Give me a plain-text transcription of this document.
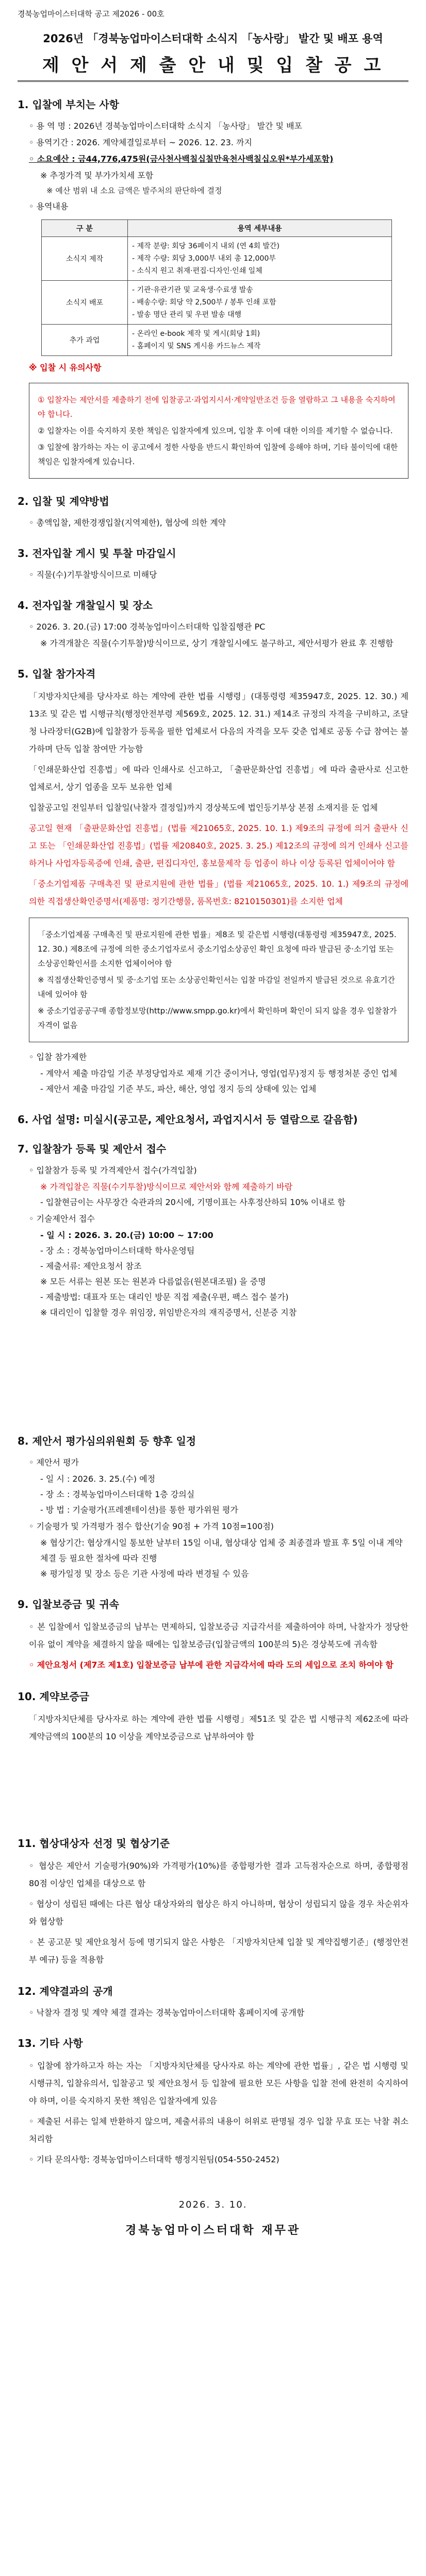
경북농업마이스터대학 공고 제2026 - 00호

2026년 「경북농업마이스터대학 소식지 「농사랑」 발간 및 배포 용역
제 안 서 제 출 안 내 및 입 찰 공 고
1. 입찰에 부치는 사항
◦ 용 역 명 : 2026년 경북농업마이스터대학 소식지 「농사랑」 발간 및 배포
◦ 용역기간 : 2026. 계약체결일로부터 ~ 2026. 12. 23. 까지
◦ 소요예산 : 금44,776,475원(금사천사백칠십칠만육천사백칠십오원*부가세포함)
※ 추정가격 및 부가가치세 포함
※ 예산 범위 내 소요 금액은 발주처의 판단하에 결정
◦ 용역내용
구 분	용역 세부내용
소식지 제작	- 제작 분량: 회당 36페이지 내외 (연 4회 발간)
- 제작 수량: 회당 3,000부 내외 총 12,000부
- 소식지 원고 취재·편집·디자인·인쇄 일체

소식지 배포	- 기관·유관기관 및 교육생·수료생 발송
- 배송수량: 회당 약 2,500부 / 봉투 인쇄 포함
- 발송 명단 관리 및 우편 발송 대행

추가 과업	- 온라인 e-book 제작 및 게시(회당 1회)
- 홈페이지 및 SNS 게시용 카드뉴스 제작
※ 입찰 시 유의사항

① 입찰자는 제안서를 제출하기 전에 입찰공고·과업지시서·계약일반조건 등을 열람하고 그 내용을 숙지하여야 합니다.

② 입찰자는 이를 숙지하지 못한 책임은 입찰자에게 있으며, 입찰 후 이에 대한 이의를 제기할 수 없습니다.

③ 입찰에 참가하는 자는 이 공고에서 정한 사항을 반드시 확인하여 입찰에 응해야 하며, 기타 불이익에 대한 책임은 입찰자에게 있습니다.

2. 입찰 및 계약방법
◦ 총액입찰, 제한경쟁입찰(지역제한), 협상에 의한 계약
3. 전자입찰 게시 및 투찰 마감일시
◦ 직물(수)기투찰방식이므로 미해당
4. 전자입찰 개찰일시 및 장소
◦ 2026. 3. 20.(금) 17:00 경북농업마이스터대학 입찰집행관 PC
※ 가격개찰은 직물(수기투찰)방식이므로, 상기 개찰일시에도 불구하고, 제안서평가 완료 후 진행함
5. 입찰 참가자격
「지방자치단체를 당사자로 하는 계약에 관한 법률 시행령」(대통령령 제35947호, 2025. 12. 30.) 제13조 및 같은 법 시행규칙(행정안전부령 제569호, 2025. 12. 31.) 제14조 규정의 자격을 구비하고, 조달청 나라장터(G2B)에 입찰참가 등록을 필한 업체로서 다음의 자격을 모두 갖춘 업체로 공동 수급 참여는 불가하며 단독 입찰 참여만 가능함
「인쇄문화산업 진흥법」에 따라 인쇄사로 신고하고, 「출판문화산업 진흥법」에 따라 출판사로 신고한 업체로서, 상기 업종을 모두 보유한 업체
입찰공고일 전일부터 입찰일(낙찰자 결정일)까지 경상북도에 법인등기부상 본점 소재지를 둔 업체
공고일 현재 「출판문화산업 진흥법」(법률 제21065호, 2025. 10. 1.) 제9조의 규정에 의거 출판사 신고 또는 「인쇄문화산업 진흥법」(법률 제20840호, 2025. 3. 25.) 제12조의 규정에 의거 인쇄사 신고를 하거나 사업자등록증에 인쇄, 출판, 편집디자인, 홍보물제작 등 업종이 하나 이상 등록된 업체이어야 함
「중소기업제품 구매촉진 및 판로지원에 관한 법률」(법률 제21065호, 2025. 10. 1.) 제9조의 규정에 의한 직접생산확인증명서(제품명: 정기간행물, 품목번호: 8210150301)를 소지한 업체

「중소기업제품 구매촉진 및 판로지원에 관한 법률」제8조 및 같은법 시행령(대통령령 제35947호, 2025. 12. 30.) 제8조에 규정에 의한 중소기업자로서 중소기업소상공인 확인 요청에 따라 발급된 중·소기업 또는 소상공인확인서를 소지한 업체이어야 함

※ 직접생산확인증명서 및 중·소기업 또는 소상공인확인서는 입찰 마감일 전일까지 발급된 것으로 유효기간 내에 있어야 함

※ 중소기업공공구매 종합정보망(http://www.smpp.go.kr)에서 확인하며 확인이 되지 않을 경우 입찰참가 자격이 없음

◦ 입찰 참가제한
- 계약서 제출 마감일 기준 부정당업자로 제재 기간 중이거나, 영업(업무)정지 등 행정처분 중인 업체
- 제안서 제출 마감일 기준 부도, 파산, 해산, 영업 정지 등의 상태에 있는 업체
6. 사업 설명: 미실시(공고문, 제안요청서, 과업지시서 등 열람으로 갈음함)
7. 입찰참가 등록 및 제안서 접수
◦ 입찰참가 등록 및 가격제안서 접수(가격입찰)
※ 가격입찰은 직물(수기투찰)방식이므로 제안서와 함께 제출하기 바람
- 입찰현금이는 사무장간 숙관과의 20시에, 기명이표는 사후정산하되 10% 이내로 함
◦ 기술제안서 접수
- 일 시 : 2026. 3. 20.(금) 10:00 ~ 17:00
- 장 소 : 경북농업마이스터대학 학사운영팀
- 제출서류: 제안요청서 참조
※ 모든 서류는 원본 또는 원본과 다름없음(원본대조필) 을 증명
- 제출방법: 대표자 또는 대리인 방문 직접 제출(우편, 팩스 접수 불가)
※ 대리인이 입찰할 경우 위임장, 위임받은자의 재직증명서, 신분증 지참
8. 제안서 평가심의위원회 등 향후 일정
◦ 제안서 평가
- 일 시 : 2026. 3. 25.(수) 예정
- 장 소 : 경북농업마이스터대학 1층 강의실
- 방 법 : 기술평가(프레젠테이션)를 통한 평가위원 평가
◦ 기술평가 및 가격평가 점수 합산(기술 90점 + 가격 10점=100점)
※ 협상기간: 협상개시일 통보한 날부터 15일 이내, 협상대상 업체 중 최종결과 발표 후 5일 이내 계약체결 등 필요한 절차에 따라 진행
※ 평가일정 및 장소 등은 기관 사정에 따라 변경될 수 있음
9. 입찰보증금 및 귀속
◦ 본 입찰에서 입찰보증금의 납부는 면제하되, 입찰보증금 지급각서를 제출하여야 하며, 낙찰자가 정당한 이유 없이 계약을 체결하지 않을 때에는 입찰보증금(입찰금액의 100분의 5)은 경상북도에 귀속함
◦ 제안요청서 (제7조 제1호) 입찰보증금 납부에 관한 지급각서에 따라 도의 세입으로 조치 하여야 함
10. 계약보증금
「지방자치단체를 당사자로 하는 계약에 관한 법률 시행령」제51조 및 같은 법 시행규칙 제62조에 따라 계약금액의 100분의 10 이상을 계약보증금으로 납부하여야 함
11. 협상대상자 선정 및 협상기준
◦ 협상은 제안서 기술평가(90%)와 가격평가(10%)를 종합평가한 결과 고득점자순으로 하며, 종합평점 80점 이상인 업체를 대상으로 함
◦ 협상이 성립된 때에는 다른 협상 대상자와의 협상은 하지 아니하며, 협상이 성립되지 않을 경우 차순위자와 협상함
◦ 본 공고문 및 제안요청서 등에 명기되지 않은 사항은 「지방자치단체 입찰 및 계약집행기준」(행정안전부 예규) 등을 적용함
12. 계약결과의 공개
◦ 낙찰자 결정 및 계약 체결 결과는 경북농업마이스터대학 홈페이지에 공개함
13. 기타 사항
◦ 입찰에 참가하고자 하는 자는 「지방자치단체를 당사자로 하는 계약에 관한 법률」, 같은 법 시행령 및 시행규칙, 입찰유의서, 입찰공고 및 제안요청서 등 입찰에 필요한 모든 사항을 입찰 전에 완전히 숙지하여야 하며, 이를 숙지하지 못한 책임은 입찰자에게 있음
◦ 제출된 서류는 일체 반환하지 않으며, 제출서류의 내용이 허위로 판명될 경우 입찰 무효 또는 낙찰 취소 처리함
◦ 기타 문의사항: 경북농업마이스터대학 행정지원팀(054-550-2452)

2026. 3. 10.

경북농업마이스터대학 재무관
